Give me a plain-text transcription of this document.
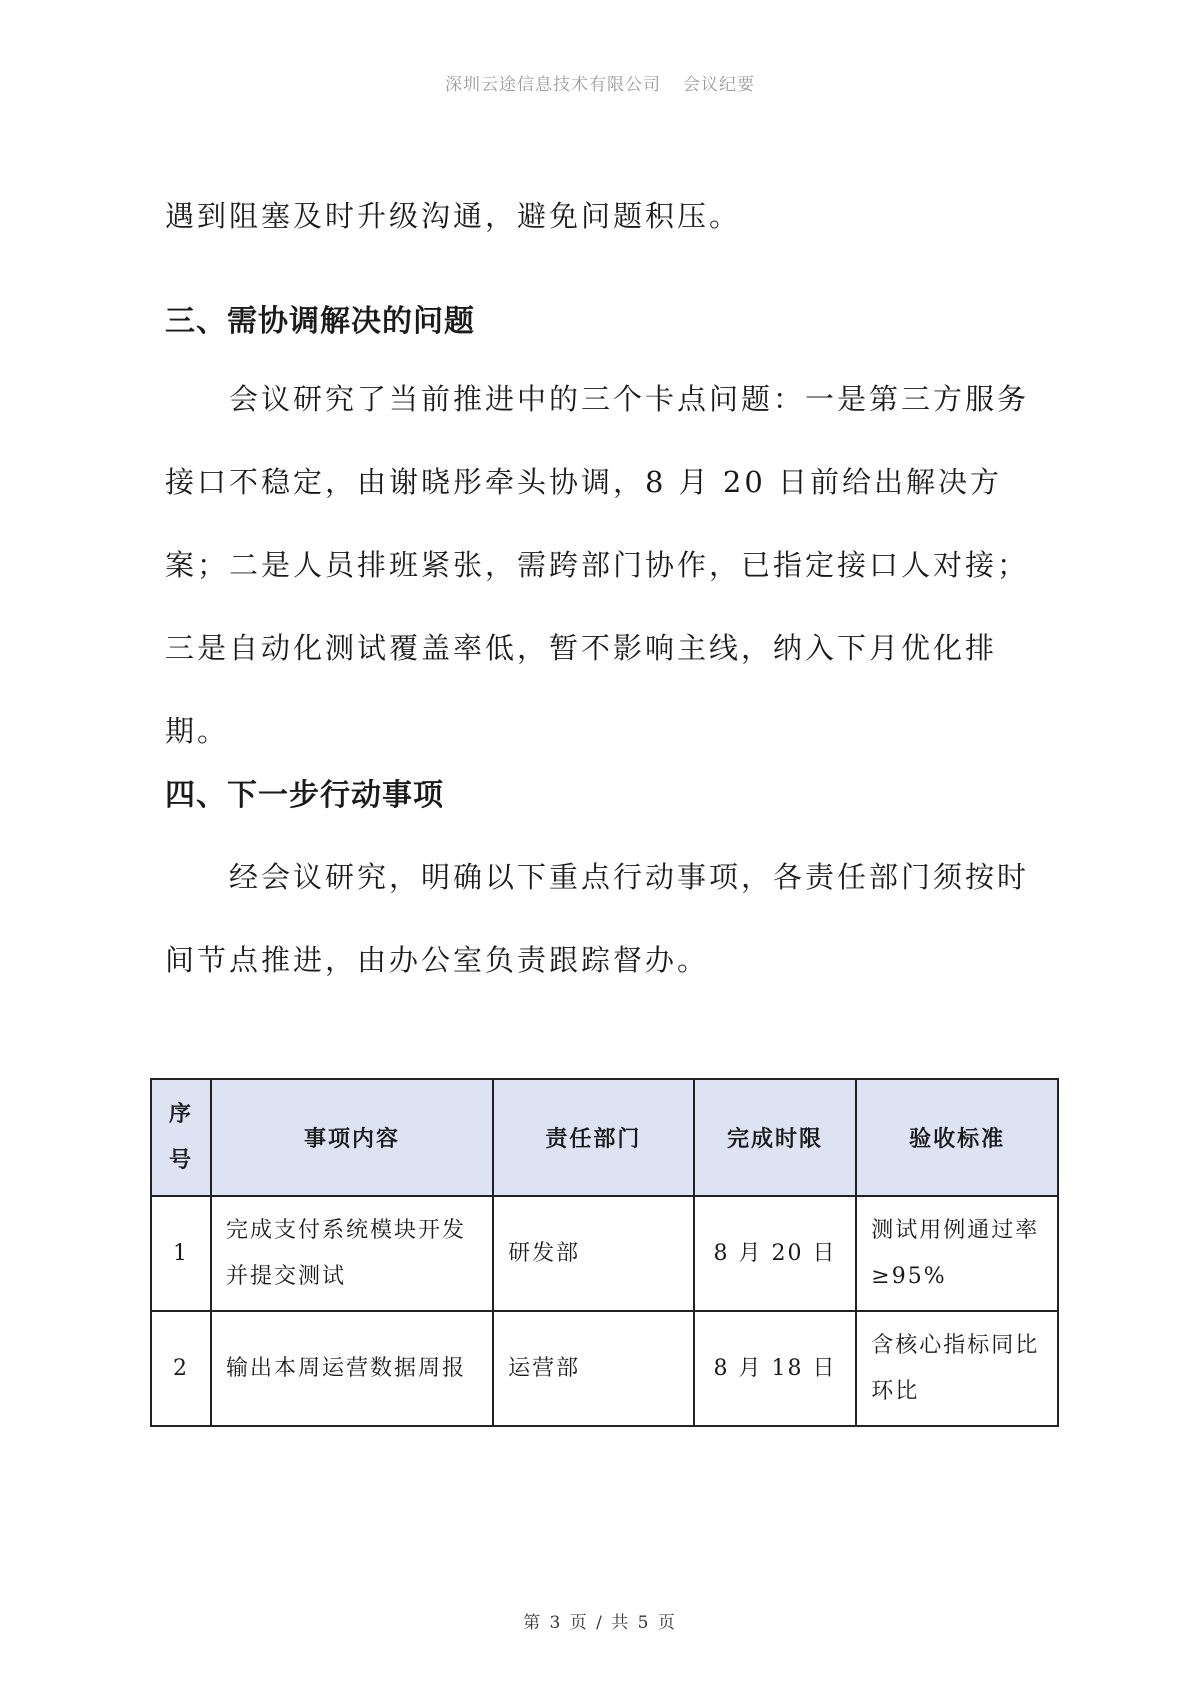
深圳云途信息技术有限公司 会议纪要

遇到阻塞及时升级沟通，避免问题积压。

三、需协调解决的问题

会议研究了当前推进中的三个卡点问题：一是第三方服务接口不稳定，由谢晓彤牵头协调，8 月 20 日前给出解决方案；二是人员排班紧张，需跨部门协作，已指定接口人对接；三是自动化测试覆盖率低，暂不影响主线，纳入下月优化排期。

四、下一步行动事项

经会议研究，明确以下重点行动事项，各责任部门须按时间节点推进，由办公室负责跟踪督办。

序号	事项内容	责任部门	完成时限	验收标准
1	完成支付系统模块开发并提交测试	研发部	8 月 20 日	测试用例通过率≥95%
2	输出本周运营数据周报	运营部	8 月 18 日	含核心指标同比环比
第 3 页 / 共 5 页
